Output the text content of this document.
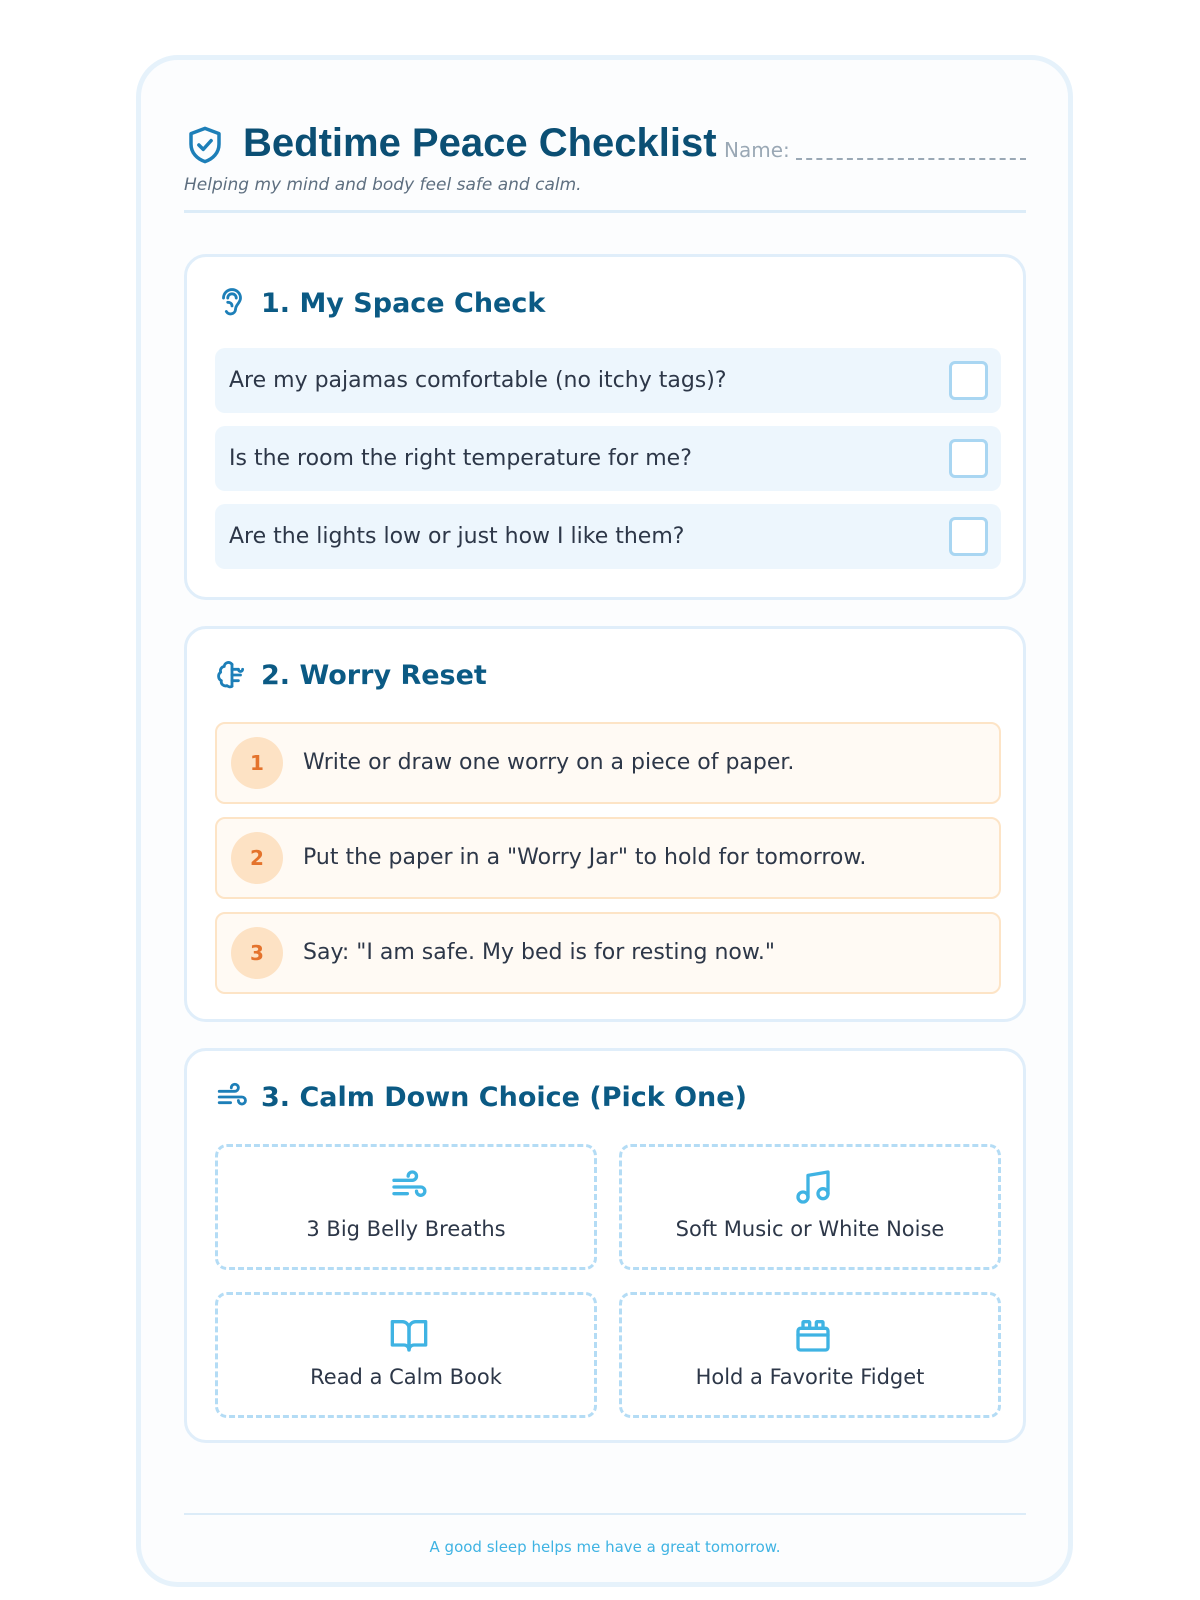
Bedtime Peace Checklist Name:
Helping my mind and body feel safe and calm.
1. My Space Check
Are my pajamas comfortable (no itchy tags)?
Is the room the right temperature for me?
Are the lights low or just how I like them?
2. Worry Reset
1	Write or draw one worry on a piece of paper.
2	Put the paper in a "Worry Jar" to hold for tomorrow.
3	Say: "I am safe. My bed is for resting now."
3. Calm Down Choice (Pick One)
3 Big Belly Breaths	Soft Music or White Noise
Read a Calm Book	Hold a Favorite Fidget
A good sleep helps me have a great tomorrow.
